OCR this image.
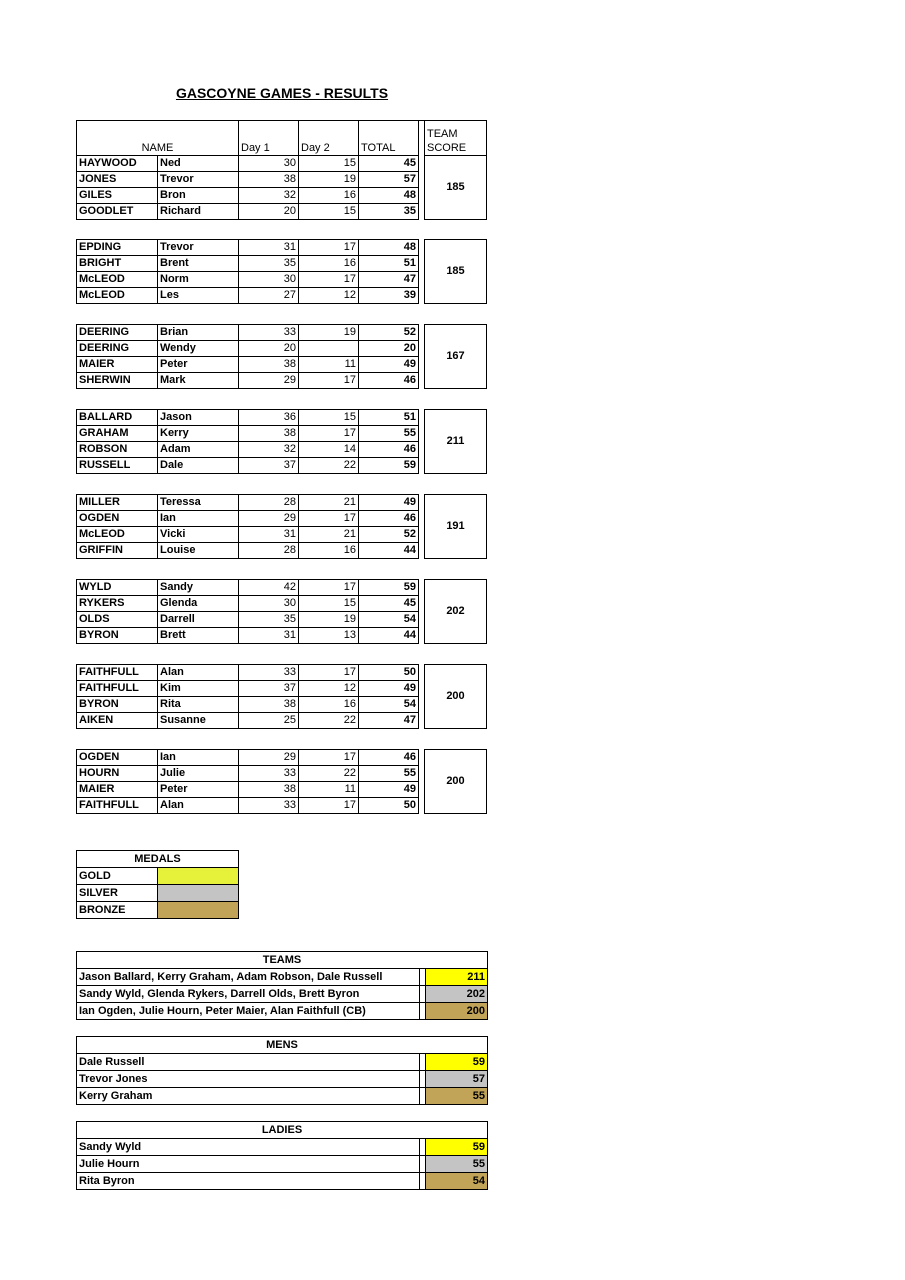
GASCOYNE GAMES - RESULTS
NAME		Day 1	Day 2	TOTAL		TEAM SCORE

HAYWOOD	Ned	30	15	45		185
JONES	Trevor	38	19	57		
GILES	Bron	32	16	48		
GOODLET	Richard	20	15	35		
EPDING	Trevor	31	17	48		185
BRIGHT	Brent	35	16	51		
McLEOD	Norm	30	17	47		
McLEOD	Les	27	12	39		
DEERING	Brian	33	19	52		167
DEERING	Wendy	20		20		
MAIER	Peter	38	11	49		
SHERWIN	Mark	29	17	46		
BALLARD	Jason	36	15	51		211
GRAHAM	Kerry	38	17	55		
ROBSON	Adam	32	14	46		
RUSSELL	Dale	37	22	59		
MILLER	Teressa	28	21	49		191
OGDEN	Ian	29	17	46		
McLEOD	Vicki	31	21	52		
GRIFFIN	Louise	28	16	44		
WYLD	Sandy	42	17	59		202
RYKERS	Glenda	30	15	45		
OLDS	Darrell	35	19	54		
BYRON	Brett	31	13	44		
FAITHFULL	Alan	33	17	50		200
FAITHFULL	Kim	37	12	49		
BYRON	Rita	38	16	54		
AIKEN	Susanne	25	22	47		
OGDEN	Ian	29	17	46		200
HOURN	Julie	33	22	55		
MAIER	Peter	38	11	49		
FAITHFULL	Alan	33	17	50		
MEDALS	
GOLD	
SILVER	
BRONZE	
TEAMS		
Jason Ballard, Kerry Graham, Adam Robson, Dale Russell		211
Sandy Wyld, Glenda Rykers, Darrell Olds, Brett Byron		202
Ian Ogden, Julie Hourn, Peter Maier, Alan Faithfull (CB)		200
MENS		
Dale Russell		59
Trevor Jones		57
Kerry Graham		55
LADIES		
Sandy Wyld		59
Julie Hourn		55
Rita Byron		54
